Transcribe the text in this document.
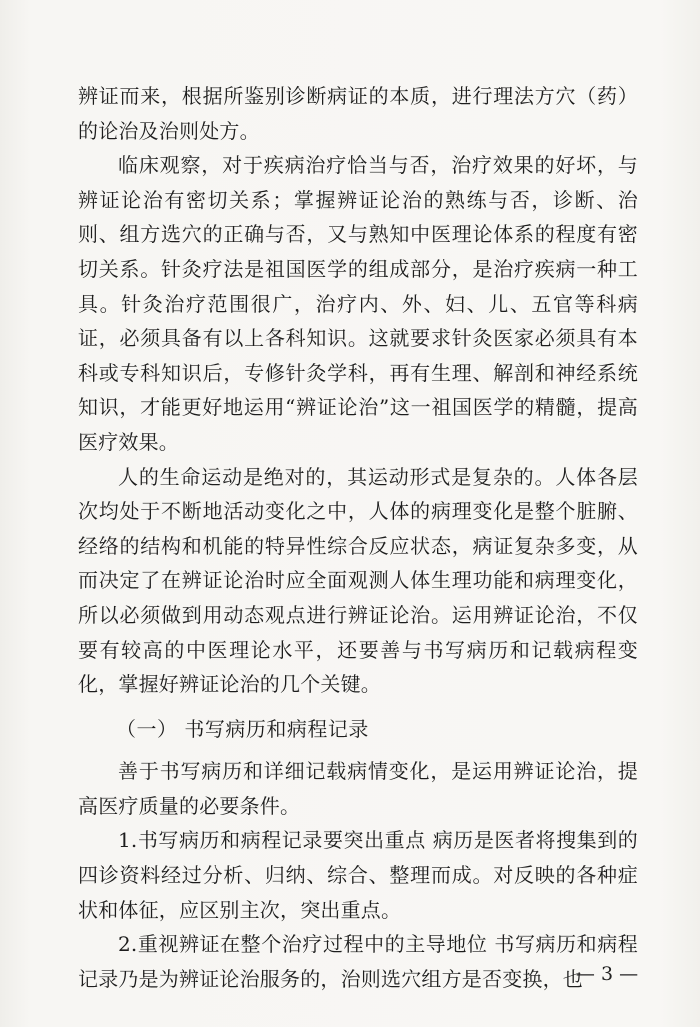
辨证而来，根据所鉴别诊断病证的本质，进行理法方穴（药）的论治及治则处方。

临床观察，对于疾病治疗恰当与否，治疗效果的好坏，与辨证论治有密切关系；掌握辨证论治的熟练与否，诊断、治则、组方选穴的正确与否，又与熟知中医理论体系的程度有密切关系。针灸疗法是祖国医学的组成部分，是治疗疾病一种工具。针灸治疗范围很广，治疗内、外、妇、儿、五官等科病证，必须具备有以上各科知识。这就要求针灸医家必须具有本科或专科知识后，专修针灸学科，再有生理、解剖和神经系统知识，才能更好地运用“辨证论治”这一祖国医学的精髓，提高医疗效果。

人的生命运动是绝对的，其运动形式是复杂的。人体各层次均处于不断地活动变化之中，人体的病理变化是整个脏腑、经络的结构和机能的特异性综合反应状态，病证复杂多变，从而决定了在辨证论治时应全面观测人体生理功能和病理变化，所以必须做到用动态观点进行辨证论治。运用辨证论治，不仅要有较高的中医理论水平，还要善与书写病历和记载病程变化，掌握好辨证论治的几个关键。

（一） 书写病历和病程记录

善于书写病历和详细记载病情变化，是运用辨证论治，提高医疗质量的必要条件。

1.书写病历和病程记录要突出重点 病历是医者将搜集到的四诊资料经过分析、归纳、综合、整理而成。对反映的各种症状和体征，应区别主次，突出重点。

2.重视辨证在整个治疗过程中的主导地位 书写病历和病程记录乃是为辨证论治服务的，治则选穴组方是否变换，也

— 3 —
